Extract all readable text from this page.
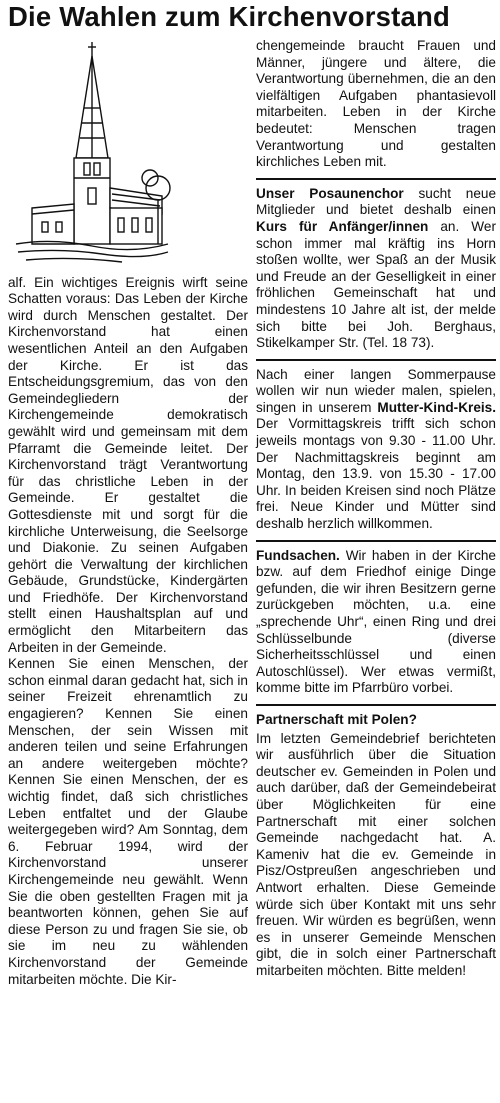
Die Wahlen zum Kirchenvorstand

alf. Ein wichtiges Ereignis wirft seine Schatten voraus: Das Leben der Kirche wird durch Menschen gestaltet. Der Kirchenvorstand hat einen wesentlichen Anteil an den Aufgaben der Kirche. Er ist das Entscheidungsgremium, das von den Gemeindegliedern der Kirchengemeinde demokratisch gewählt wird und gemeinsam mit dem Pfarramt die Gemeinde leitet. Der Kirchenvorstand trägt Verantwortung für das christliche Leben in der Gemeinde. Er gestaltet die Gottesdienste mit und sorgt für die kirchliche Unterweisung, die Seelsorge und Diakonie. Zu seinen Aufgaben gehört die Verwaltung der kirchlichen Gebäude, Grundstücke, Kindergärten und Friedhöfe. Der Kirchenvorstand stellt einen Haushaltsplan auf und ermöglicht den Mitarbeitern das Arbeiten in der Gemeinde.

Kennen Sie einen Menschen, der schon einmal daran gedacht hat, sich in seiner Freizeit ehrenamtlich zu engagieren? Kennen Sie einen Menschen, der sein Wissen mit anderen teilen und seine Erfahrungen an andere weitergeben möchte? Kennen Sie einen Menschen, der es wichtig findet, daß sich christliches Leben entfaltet und der Glaube weitergegeben wird? Am Sonntag, dem 6. Februar 1994, wird der Kirchenvorstand unserer Kirchengemeinde neu gewählt. Wenn Sie die oben gestellten Fragen mit ja beantworten können, gehen Sie auf diese Person zu und fragen Sie sie, ob sie im neu zu wählenden Kirchenvorstand der Gemeinde mitarbeiten möchte. Die Kir-

chengemeinde braucht Frauen und Männer, jüngere und ältere, die Verantwortung übernehmen, die an den vielfältigen Aufgaben phantasievoll mitarbeiten. Leben in der Kirche bedeutet: Menschen tragen Verantwortung und gestalten kirchliches Leben mit.

Unser Posaunenchor sucht neue Mitglieder und bietet deshalb einen Kurs für Anfänger/innen an. Wer schon immer mal kräftig ins Horn stoßen wollte, wer Spaß an der Musik und Freude an der Geselligkeit in einer fröhlichen Gemeinschaft hat und mindestens 10 Jahre alt ist, der melde sich bitte bei Joh. Berghaus, Stikelkamper Str. (Tel. 18 73).

Nach einer langen Sommerpause wollen wir nun wieder malen, spielen, singen in unserem Mutter-Kind-Kreis. Der Vormittagskreis trifft sich schon jeweils montags von 9.30 - 11.00 Uhr. Der Nachmittagskreis beginnt am Montag, den 13.9. von 15.30 - 17.00 Uhr. In beiden Kreisen sind noch Plätze frei. Neue Kinder und Mütter sind deshalb herzlich willkommen.

Fundsachen. Wir haben in der Kirche bzw. auf dem Friedhof einige Dinge gefunden, die wir ihren Besitzern gerne zurückgeben möchten, u.a. eine „sprechende Uhr“, einen Ring und drei Schlüsselbunde (diverse Sicherheitsschlüssel und einen Autoschlüssel). Wer etwas vermißt, komme bitte im Pfarrbüro vorbei.

Partnerschaft mit Polen?

Im letzten Gemeindebrief berichteten wir ausführlich über die Situation deutscher ev. Gemeinden in Polen und auch darüber, daß der Gemeindebeirat über Möglichkeiten für eine Partnerschaft mit einer solchen Gemeinde nachgedacht hat. A. Kameniv hat die ev. Gemeinde in Pisz/Ostpreußen angeschrieben und Antwort erhalten. Diese Gemeinde würde sich über Kontakt mit uns sehr freuen. Wir würden es begrüßen, wenn es in unserer Gemeinde Menschen gibt, die in solch einer Partnerschaft mitarbeiten möchten. Bitte melden!
